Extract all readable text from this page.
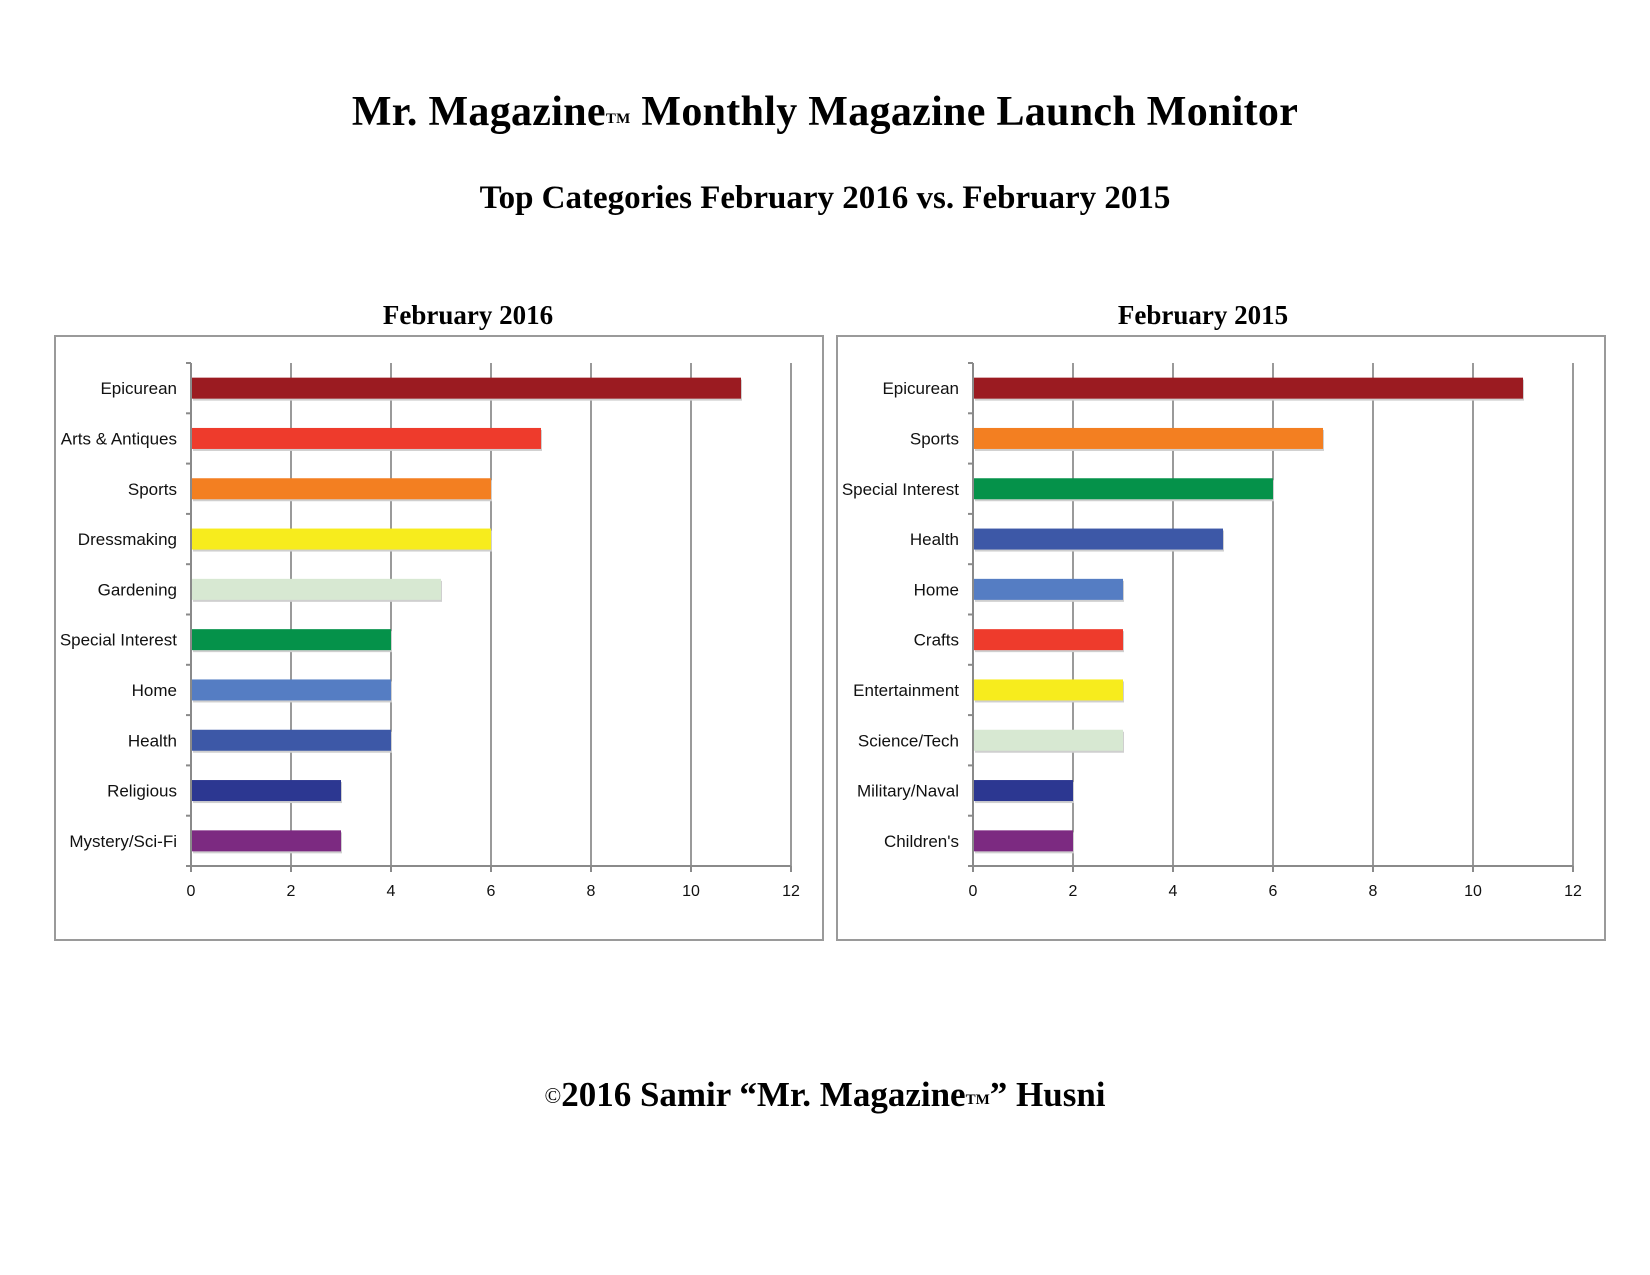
Mr. MagazineTM Monthly Magazine Launch Monitor
Top Categories February 2016 vs. February 2015
February 2016	February 2015
0	2	4	6	8	10	12
Epicurean
Arts & Antiques
Sports
Dressmaking
Gardening
Special Interest
Home
Health
Religious
Mystery/Sci-Fi
0	2	4	6	8	10	12
Epicurean
Sports
Special Interest
Health
Home
Crafts
Entertainment
Science/Tech
Military/Naval
Children's
©2016 Samir “Mr. MagazineTM” Husni
